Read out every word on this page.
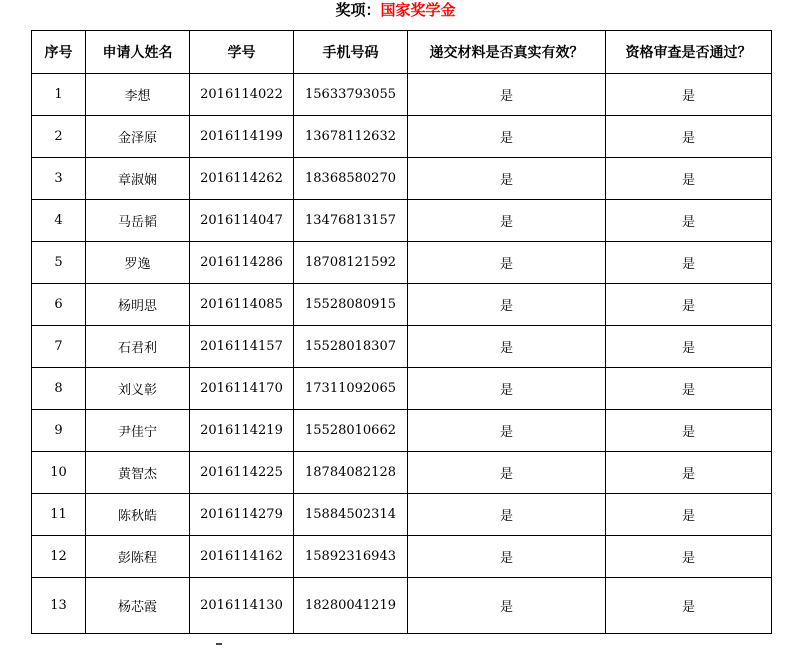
奖项：国家奖学金
序号	申请人姓名	学号	手机号码	递交材料是否真实有效？	资格审查是否通过？
1	李想	2016114022	15633793055	是	是
2	金泽原	2016114199	13678112632	是	是
3	章淑娴	2016114262	18368580270	是	是
4	马岳韬	2016114047	13476813157	是	是
5	罗逸	2016114286	18708121592	是	是
6	杨明思	2016114085	15528080915	是	是
7	石君利	2016114157	15528018307	是	是
8	刘义彰	2016114170	17311092065	是	是
9	尹佳宁	2016114219	15528010662	是	是
10	黄智杰	2016114225	18784082128	是	是
11	陈秋皓	2016114279	15884502314	是	是
12	彭陈程	2016114162	15892316943	是	是
13	杨芯霞	2016114130	18280041219	是	是
